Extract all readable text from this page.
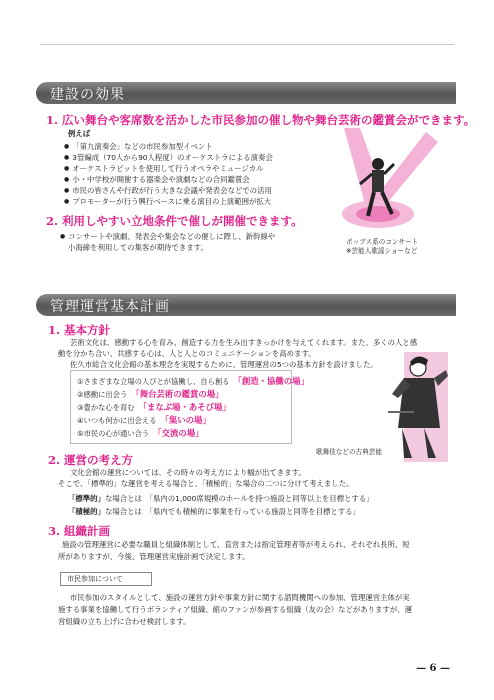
建設の効果
1. 広い舞台や客席数を活かした市民参加の催し物や舞台芸術の鑑賞会ができます。
例えば
● 「第九演奏会」などの市民参加型イベント
● 3管編成（70人から90人程度）のオーケストラによる演奏会
● オーケストラピットを使用して行うオペラやミュージカル
● 小・中学校が開催する器楽会や演劇などの合同鑑賞会
● 市民の皆さんや行政が行う大きな会議や発表会などでの活用
● プロモーターが行う興行ベースに乗る演目の上演範囲が拡大
2. 利用しやすい立地条件で催しが開催できます。
● コンサートや演劇、発表会や集会などの催しに際し、新幹線や
小海線を利用しての集客が期待できます。
ポップス系のコンサート
※芸能人歌謡ショーなど
管理運営基本計画
1. 基本方針
芸術文化は、感動する心を育み、創造する力を生み出すきっかけを与えてくれます。また、多くの人と感
動を分かち合い、共感する心は、人と人とのコミュニケーションを高めます。
佐久市総合文化会館の基本理念を実現するために、管理運営の5つの基本方針を設けました。
①さまざまな立場の人びとが協働し、自ら創る 「創造・協働の場」
②感動に出会う 「舞台芸術の鑑賞の場」
③豊かな心を育む 「まなぶ場・あそび場」
④いつも何かに出会える 「集いの場」
⑤市民の心が通い合う 「交流の場」
歌舞伎などの古典芸能
2. 運営の考え方
文化会館の運営については、その時々の考え方により幅が出てきます。
そこで、「標準的」な運営を考える場合と、「積極的」な場合の二つに分けて考えました。
「標準的」な場合とは　「県内の1,000席規模のホールを持つ施設と同等以上を目標とする」
「積極的」な場合とは　「県内でも積極的に事業を行っている施設と同等を目標とする」
3. 組織計画
施設の管理運営に必要な職員と組織体制として、直営または指定管理者等が考えられ、それぞれ長所、短
所がありますが、今後、管理運営実施計画で決定します。
市民参加について
市民参加のスタイルとして、施設の運営方針や事業方針に関する諮問機関への参加、管理運営主体が実
施する事業を協働して行うボランティア組織、館のファンが参画する組織（友の会）などがありますが、運
営組織の立ち上げに合わせ検討します。
— 6 —
